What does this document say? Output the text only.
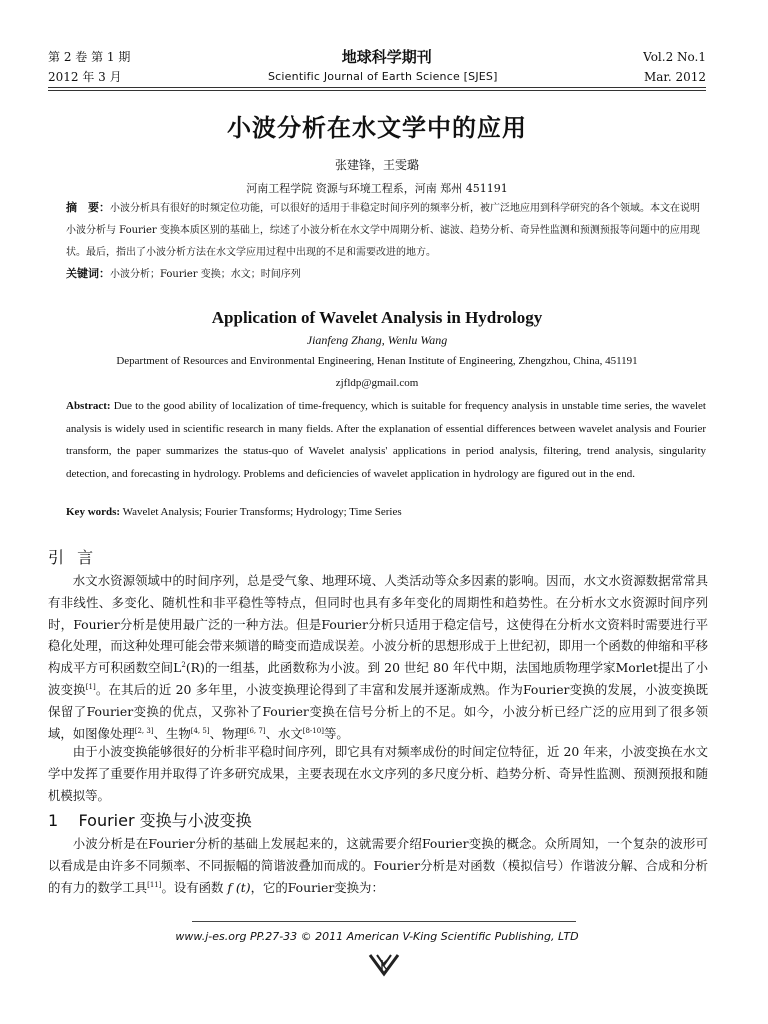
第 2 卷 第 1 期	地球科学期刊	Vol.2 No.1
2012 年 3 月	Scientific Journal of Earth Science [SJES]	Mar. 2012
小波分析在水文学中的应用
张建锋，王雯璐
河南工程学院 资源与环境工程系，河南 郑州 451191
摘　要：小波分析具有很好的时频定位功能，可以很好的适用于非稳定时间序列的频率分析，被广泛地应用到科学研究的各个领域。本文在说明小波分析与 Fourier 变换本质区别的基础上，综述了小波分析在水文学中周期分析、滤波、趋势分析、奇异性监测和预测预报等问题中的应用现状。最后，指出了小波分析方法在水文学应用过程中出现的不足和需要改进的地方。
关键词：小波分析；Fourier 变换；水文；时间序列
Application of Wavelet Analysis in Hydrology
Jianfeng Zhang, Wenlu Wang
Department of Resources and Environmental Engineering, Henan Institute of Engineering, Zhengzhou, China, 451191
zjfldp@gmail.com
Abstract: Due to the good ability of localization of time-frequency, which is suitable for frequency analysis in unstable time series, the wavelet analysis is widely used in scientific research in many fields. After the explanation of essential differences between wavelet analysis and Fourier transform, the paper summarizes the status-quo of Wavelet analysis' applications in period analysis, filtering, trend analysis, singularity detection, and forecasting in hydrology. Problems and deficiencies of wavelet application in hydrology are figured out in the end.
Key words: Wavelet Analysis; Fourier Transforms; Hydrology; Time Series
引 言

水文水资源领域中的时间序列，总是受气象、地理环境、人类活动等众多因素的影响。因而，水文水资源数据常常具有非线性、多变化、随机性和非平稳性等特点，但同时也具有多年变化的周期性和趋势性。在分析水文水资源时间序列时，Fourier分析是使用最广泛的一种方法。但是Fourier分析只适用于稳定信号，这使得在分析水文资料时需要进行平稳化处理，而这种处理可能会带来频谱的畸变而造成误差。小波分析的思想形成于上世纪初，即用一个函数的伸缩和平移构成平方可积函数空间$L^2(R)$的一组基，此函数称为小波。到 20 世纪 80 年代中期，法国地质物理学家Morlet提出了小波变换[1]。在其后的近 20 多年里，小波变换理论得到了丰富和发展并逐渐成熟。作为Fourier变换的发展，小波变换既保留了Fourier变换的优点，又弥补了Fourier变换在信号分析上的不足。如今，小波分析已经广泛的应用到了很多领域，如图像处理[2, 3]、生物[4, 5]、物理[6, 7]、水文[8-10]等。

由于小波变换能够很好的分析非平稳时间序列，即它具有对频率成份的时间定位特征，近 20 年来，小波变换在水文学中发挥了重要作用并取得了许多研究成果，主要表现在水文序列的多尺度分析、趋势分析、奇异性监测、预测预报和随机模拟等。

1 Fourier 变换与小波变换

小波分析是在Fourier分析的基础上发展起来的，这就需要介绍Fourier变换的概念。众所周知，一个复杂的波形可以看成是由许多不同频率、不同振幅的简谐波叠加而成的。Fourier分析是对函数（模拟信号）作谐波分解、合成和分析的有力的数学工具[11]。设有函数 f (t)，它的Fourier变换为：

www.j-es.org PP.27-33 © 2011 American V-King Scientific Publishing, LTD
